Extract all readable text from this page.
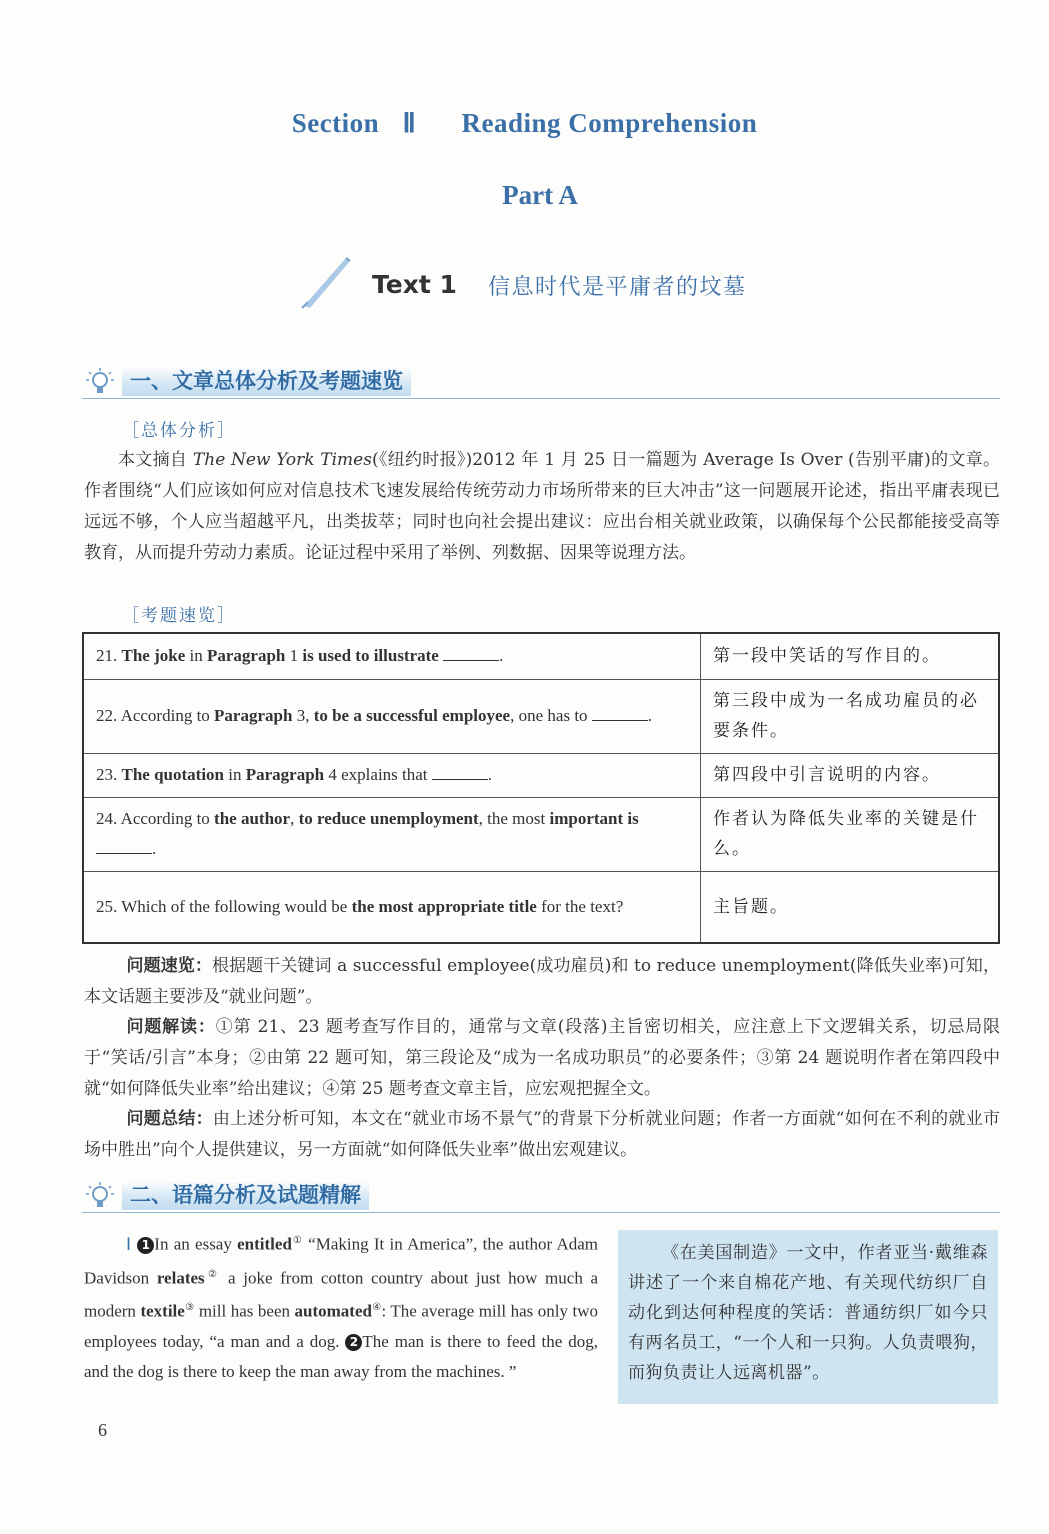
Section Ⅱ Reading Comprehension
Part A
Text 1 信息时代是平庸者的坟墓
一、文章总体分析及考题速览
［总体分析］
本文摘自 The New York Times(《纽约时报》)2012 年 1 月 25 日一篇题为 Average Is Over (告别平庸)的文章。作者围绕“人们应该如何应对信息技术飞速发展给传统劳动力市场所带来的巨大冲击”这一问题展开论述，指出平庸表现已远远不够，个人应当超越平凡，出类拔萃；同时也向社会提出建议：应出台相关就业政策，以确保每个公民都能接受高等教育，从而提升劳动力素质。论证过程中采用了举例、列数据、因果等说理方法。
［考题速览］
21. The joke in Paragraph 1 is used to illustrate .	第一段中笑话的写作目的。
22. According to Paragraph 3, to be a successful employee, one has to .	第三段中成为一名成功雇员的必要条件。
23. The quotation in Paragraph 4 explains that .	第四段中引言说明的内容。
24. According to the author, to reduce unemployment, the most important is .	作者认为降低失业率的关键是什么。
25. Which of the following would be the most appropriate title for the text?	主旨题。
问题速览：根据题干关键词 a successful employee(成功雇员)和 to reduce unemployment(降低失业率)可知，本文话题主要涉及“就业问题”。
问题解读：①第 21、23 题考查写作目的，通常与文章(段落)主旨密切相关，应注意上下文逻辑关系，切忌局限于“笑话/引言”本身；②由第 22 题可知，第三段论及“成为一名成功职员”的必要条件；③第 24 题说明作者在第四段中就“如何降低失业率”给出建议；④第 25 题考查文章主旨，应宏观把握全文。
问题总结：由上述分析可知，本文在“就业市场不景气”的背景下分析就业问题；作者一方面就“如何在不利的就业市场中胜出”向个人提供建议，另一方面就“如何降低失业率”做出宏观建议。
二、语篇分析及试题精解
Ⅰ 1 In an essay entitled① “Making It in America”, the author Adam Davidson relates② a joke from cotton country about just how much a modern textile③ mill has been automated④: The average mill has only two employees today, “a man and a dog. 2 The man is there to feed the dog, and the dog is there to keep the man away from the machines. ”
《在美国制造》一文中，作者亚当·戴维森讲述了一个来自棉花产地、有关现代纺织厂自动化到达何种程度的笑话：普通纺织厂如今只有两名员工，“一个人和一只狗。人负责喂狗，而狗负责让人远离机器”。
6
